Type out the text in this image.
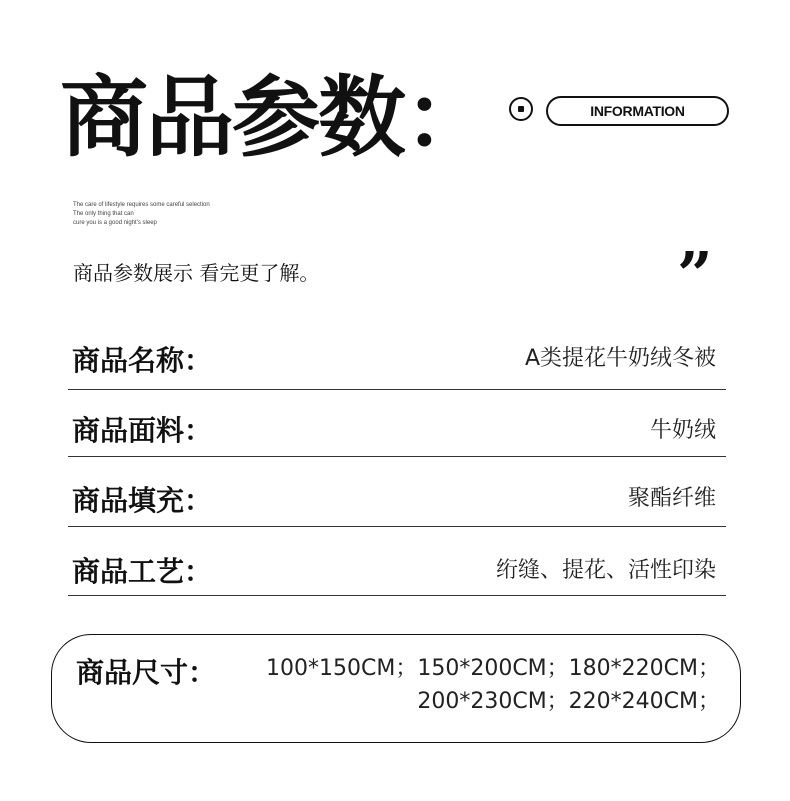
商品参数：	INFORMATION
The care of lifestyle requires some careful selection
The only thing that can
cure you is a good night's sleep
商品参数展示 看完更了解。	”
商品名称：	A类提花牛奶绒冬被
商品面料：	牛奶绒
商品填充：	聚酯纤维
商品工艺：	绗缝、提花、活性印染
商品尺寸： 100*150CM；150*200CM；180*220CM；
200*230CM；220*240CM；
